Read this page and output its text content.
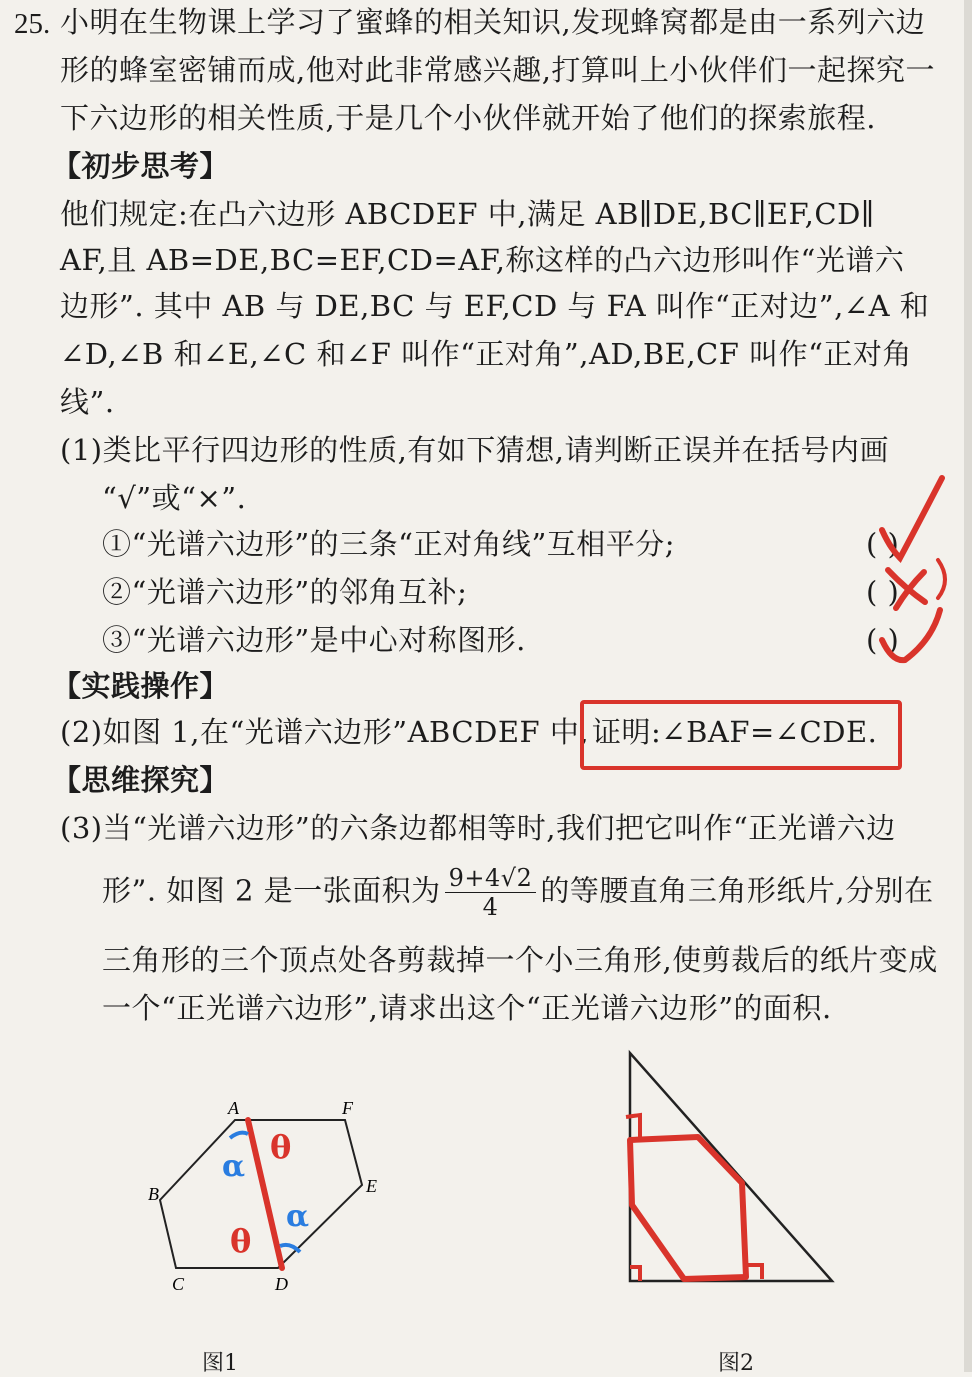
25. 小明在生物课上学习了蜜蜂的相关知识,发现蜂窝都是由一系列六边
形的蜂室密铺而成,他对此非常感兴趣,打算叫上小伙伴们一起探究一
下六边形的相关性质,于是几个小伙伴就开始了他们的探索旅程.
【初步思考】
他们规定:在凸六边形 ABCDEF 中,满足 AB∥DE,BC∥EF,CD∥
AF,且 AB=DE,BC=EF,CD=AF,称这样的凸六边形叫作“光谱六
边形”. 其中 AB 与 DE,BC 与 EF,CD 与 FA 叫作“正对边”,∠A 和
∠D,∠B 和∠E,∠C 和∠F 叫作“正对角”,AD,BE,CF 叫作“正对角
线”.
(1)类比平行四边形的性质,有如下猜想,请判断正误并在括号内画
“√”或“×”.
①“光谱六边形”的三条“正对角线”互相平分;	( )
②“光谱六边形”的邻角互补;	( )
③“光谱六边形”是中心对称图形.	( )
【实践操作】
(2)如图 1,在“光谱六边形”ABCDEF 中, 证明:∠BAF=∠CDE.
【思维探究】
(3)当“光谱六边形”的六条边都相等时,我们把它叫作“正光谱六边
形”. 如图 2 是一张面积为 $\frac{9+4√2}{4}$ 的等腰直角三角形纸片,分别在
三角形的三个顶点处各剪裁掉一个小三角形,使剪裁后的纸片变成
一个“正光谱六边形”,请求出这个“正光谱六边形”的面积.
A	F
E
B
C	D
θ
θ
α
α
图1	图2
